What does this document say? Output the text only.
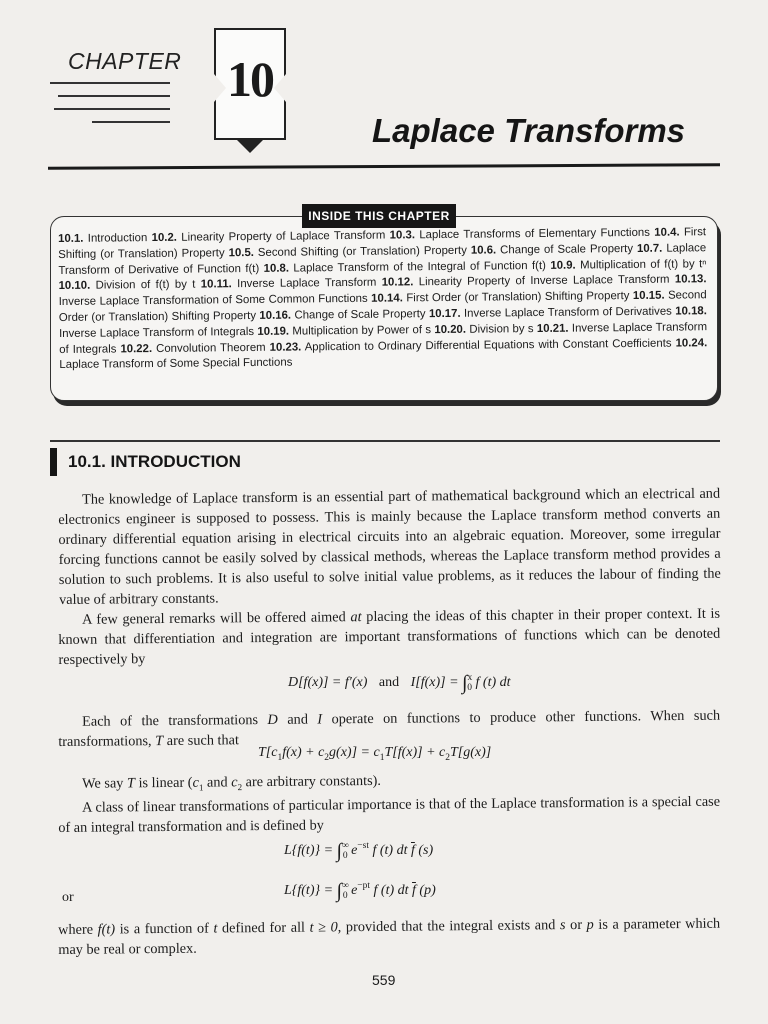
CHAPTER 10
Laplace Transforms
INSIDE THIS CHAPTER
10.1. Introduction 10.2. Linearity Property of Laplace Transform 10.3. Laplace Transforms of Elementary Functions 10.4. First Shifting (or Translation) Property 10.5. Second Shifting (or Translation) Property 10.6. Change of Scale Property 10.7. Laplace Transform of Derivative of Function f(t) 10.8. Laplace Transform of the Integral of Function f(t) 10.9. Multiplication of f(t) by tⁿ 10.10. Division of f(t) by t 10.11. Inverse Laplace Transform 10.12. Linearity Property of Inverse Laplace Transform 10.13. Inverse Laplace Transformation of Some Common Functions 10.14. First Order (or Translation) Shifting Property 10.15. Second Order (or Translation) Shifting Property 10.16. Change of Scale Property 10.17. Inverse Laplace Transform of Derivatives 10.18. Inverse Laplace Transform of Integrals 10.19. Multiplication by Power of s 10.20. Division by s 10.21. Inverse Laplace Transform of Integrals 10.22. Convolution Theorem 10.23. Application to Ordinary Differential Equations with Constant Coefficients 10.24. Laplace Transform of Some Special Functions
10.1. INTRODUCTION
The knowledge of Laplace transform is an essential part of mathematical background which an electrical and electronics engineer is supposed to possess. This is mainly because the Laplace transform method converts an ordinary differential equation arising in electrical circuits into an algebraic equation. Moreover, some irregular forcing functions cannot be easily solved by classical methods, whereas the Laplace transform method provides a solution to such problems. It is also useful to solve initial value problems, as it reduces the labour of finding the value of arbitrary constants.
A few general remarks will be offered aimed at placing the ideas of this chapter in their proper context. It is known that differentiation and integration are important transformations of functions which can be denoted respectively by
D[f(x)] = f′(x) and I[f(x)] = ∫$^x_0$ f (t) dt
Each of the transformations D and I operate on functions to produce other functions. When such transformations, T are such that
$T[c_1f(x) + c_2g(x)] = c_1T[f(x)] + c_2T[g(x)]$
We say T is linear ($c_1$ and $c_2$ are arbitrary constants).
A class of linear transformations of particular importance is that of the Laplace transformation is a special case of an integral transformation and is defined by
$L\{f(t)\} = \int^\infty_0$ $e^{-st}$ f (t) dt $\overline{f}$ (s)
or	$L\{f(t)\} = \int^\infty_0$ $e^{-pt}$ f (t) dt $\overline{f}$ (p)
where f(t) is a function of t defined for all t ≥ 0, provided that the integral exists and s or p is a parameter which may be real or complex.
559
